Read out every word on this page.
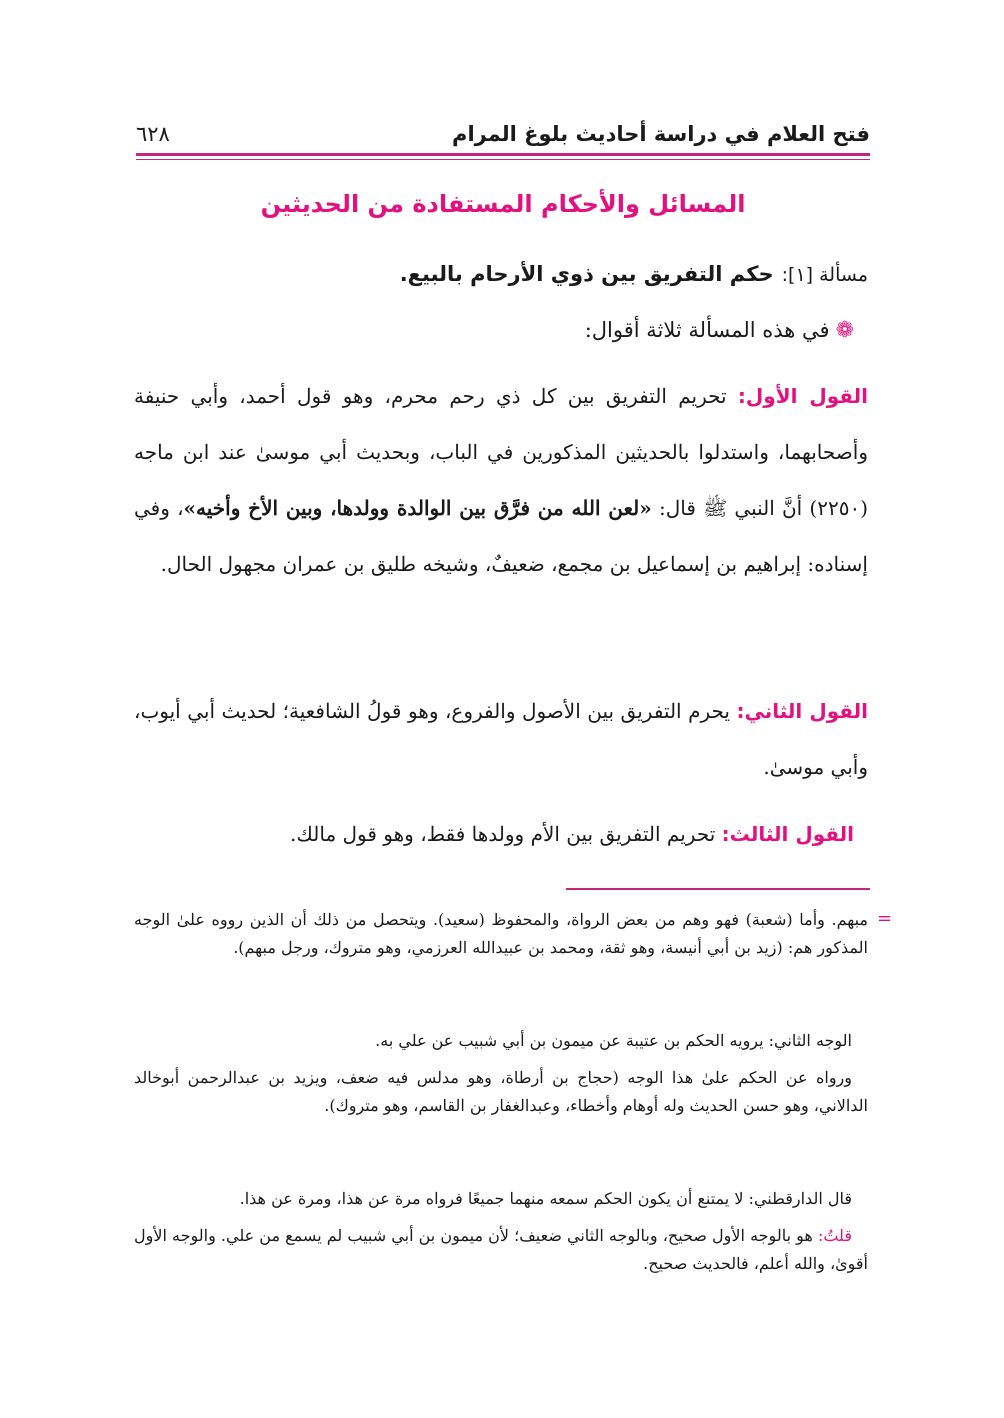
فتح العلام في دراسة أحاديث بلوغ المرام
٦٢٨
المسائل والأحكام المستفادة من الحديثين
مسألة [١]:حكم التفريق بين ذوي الأرحام بالبيع.
❁في هذه المسألة ثلاثة أقوال:

القول الأول: تحريم التفريق بين كل ذي رحم محرم، وهو قول أحمد، وأبي حنيفة وأصحابهما، واستدلوا بالحديثين المذكورين في الباب، وبحديث أبي موسىٰ عند ابن ماجه (٢٢٥٠) أنَّ النبي ﷺ قال: «لعن الله من فرَّق بين الوالدة وولدها، وبين الأخ وأخيه»، وفي إسناده: إبراهيم بن إسماعيل بن مجمع، ضعيفٌ، وشيخه طليق بن عمران مجهول الحال.

القول الثاني: يحرم التفريق بين الأصول والفروع، وهو قولُ الشافعية؛ لحديث أبي أيوب، وأبي موسىٰ.

القول الثالث: تحريم التفريق بين الأم وولدها فقط، وهو قول مالك.

=

مبهم. وأما (شعبة) فهو وهم من بعض الرواة، والمحفوظ (سعيد). ويتحصل من ذلك أن الذين رووه علىٰ الوجه المذكور هم: (زيد بن أبي أنيسة، وهو ثقة، ومحمد بن عبيدالله العرزمي، وهو متروك، ورجل مبهم).

الوجه الثاني: يرويه الحكم بن عتيبة عن ميمون بن أبي شبيب عن علي به.

ورواه عن الحكم علىٰ هذا الوجه (حجاج بن أرطاة، وهو مدلس فيه ضعف، ويزيد بن عبدالرحمن أبوخالد الدالاني، وهو حسن الحديث وله أوهام وأخطاء، وعبدالغفار بن القاسم، وهو متروك).

قال الدارقطني: لا يمتنع أن يكون الحكم سمعه منهما جميعًا فرواه مرة عن هذا، ومرة عن هذا.

قلتُ: هو بالوجه الأول صحيح، وبالوجه الثاني ضعيف؛ لأن ميمون بن أبي شبيب لم يسمع من علي. والوجه الأول أقوىٰ، والله أعلم، فالحديث صحيح.
